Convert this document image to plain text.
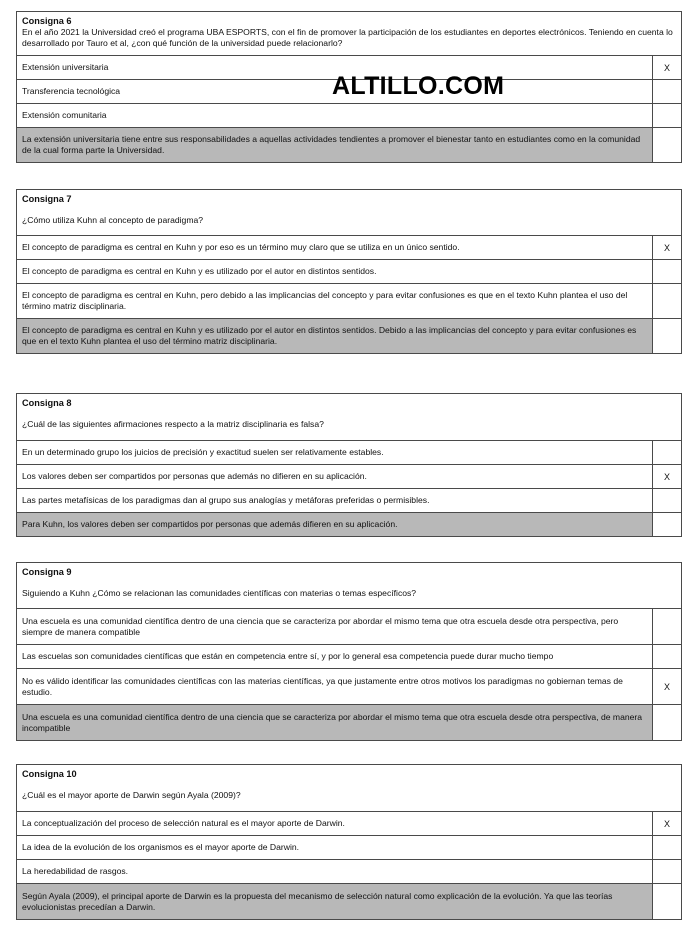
Consigna 6
En el año 2021 la Universidad creó el programa UBA ESPORTS, con el fin de promover la participación de los estudiantes en deportes electrónicos. Teniendo en cuenta lo desarrollado por Tauro et al, ¿con qué función de la universidad puede relacionarlo?
Extensión universitaria	X
Transferencia tecnológica
Extensión comunitaria
La extensión universitaria tiene entre sus responsabilidades a aquellas actividades tendientes a promover el bienestar tanto en estudiantes como en la comunidad de la cual forma parte la Universidad.
Consigna 7
¿Cómo utiliza Kuhn al concepto de paradigma?
El concepto de paradigma es central en Kuhn y por eso es un término muy claro que se utiliza en un único sentido.	X
El concepto de paradigma es central en Kuhn y es utilizado por el autor en distintos sentidos.
El concepto de paradigma es central en Kuhn, pero debido a las implicancias del concepto y para evitar confusiones es que en el texto Kuhn plantea el uso del término matriz disciplinaria.
El concepto de paradigma es central en Kuhn y es utilizado por el autor en distintos sentidos. Debido a las implicancias del concepto y para evitar confusiones es que en el texto Kuhn plantea el uso del término matriz disciplinaria.
Consigna 8
¿Cuál de las siguientes afirmaciones respecto a la matriz disciplinaria es falsa?
En un determinado grupo los juicios de precisión y exactitud suelen ser relativamente estables.
Los valores deben ser compartidos por personas que además no difieren en su aplicación.	X
Las partes metafísicas de los paradigmas dan al grupo sus analogías y metáforas preferidas o permisibles.
Para Kuhn, los valores deben ser compartidos por personas que además difieren en su aplicación.
Consigna 9
Siguiendo a Kuhn ¿Cómo se relacionan las comunidades científicas con materias o temas específicos?
Una escuela es una comunidad científica dentro de una ciencia que se caracteriza por abordar el mismo tema que otra escuela desde otra perspectiva, pero siempre de manera compatible
Las escuelas son comunidades científicas que están en competencia entre sí, y por lo general esa competencia puede durar mucho tiempo
No es válido identificar las comunidades científicas con las materias científicas, ya que justamente entre otros motivos los paradigmas no gobiernan temas de estudio.	X
Una escuela es una comunidad científica dentro de una ciencia que se caracteriza por abordar el mismo tema que otra escuela desde otra perspectiva, de manera incompatible
Consigna 10
¿Cuál es el mayor aporte de Darwin según Ayala (2009)?
La conceptualización del proceso de selección natural es el mayor aporte de Darwin.	X
La idea de la evolución de los organismos es el mayor aporte de Darwin.
La heredabilidad de rasgos.
Según Ayala (2009), el principal aporte de Darwin es la propuesta del mecanismo de selección natural como explicación de la evolución. Ya que las teorías evolucionistas precedían a Darwin.
ALTILLO.COM
